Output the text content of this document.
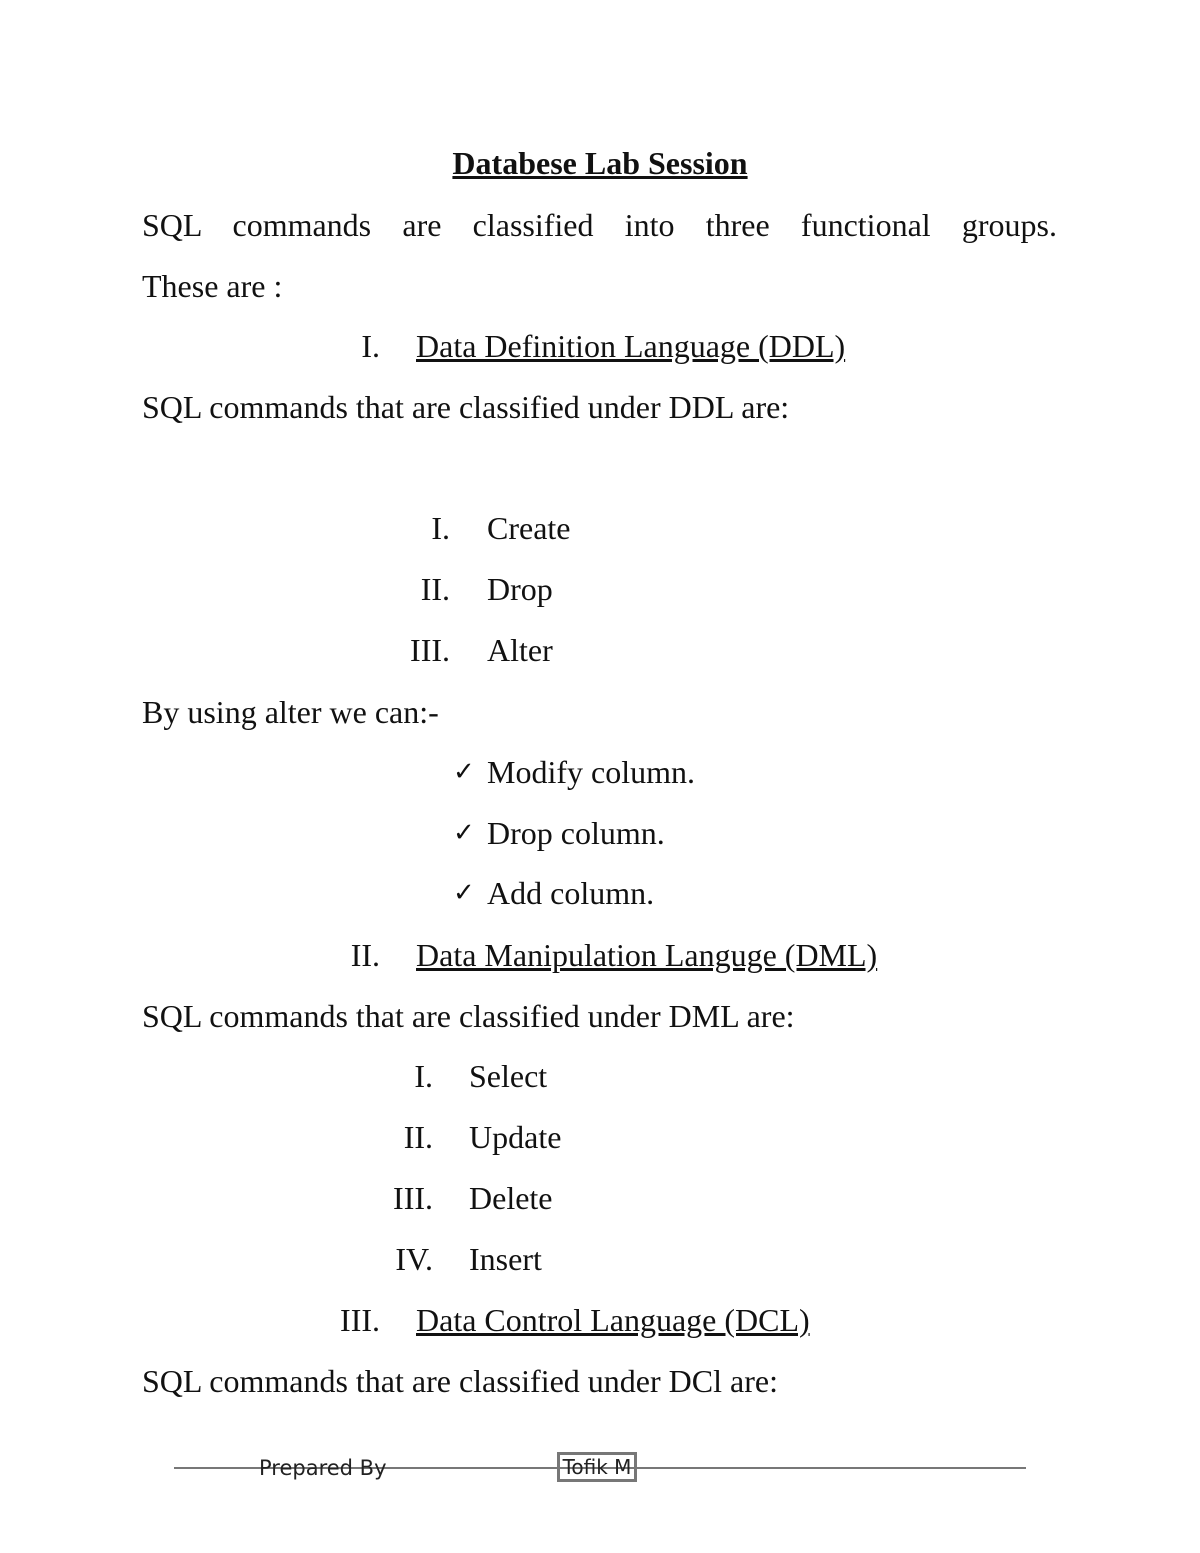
Databese Lab Session
SQL commands are classified into three functional groups.
These are :
I. Data Definition Language (DDL)
SQL commands that are classified under DDL are:
I. Create
II. Drop
III. Alter
By using alter we can:-
✓ Modify column.
✓ Drop column.
✓ Add column.
II. Data Manipulation Languge (DML)
SQL commands that are classified under DML are:
I. Select
II. Update
III. Delete
IV. Insert
III. Data Control Language (DCL)
SQL commands that are classified under DCl are:
Prepared By	Tofik M
